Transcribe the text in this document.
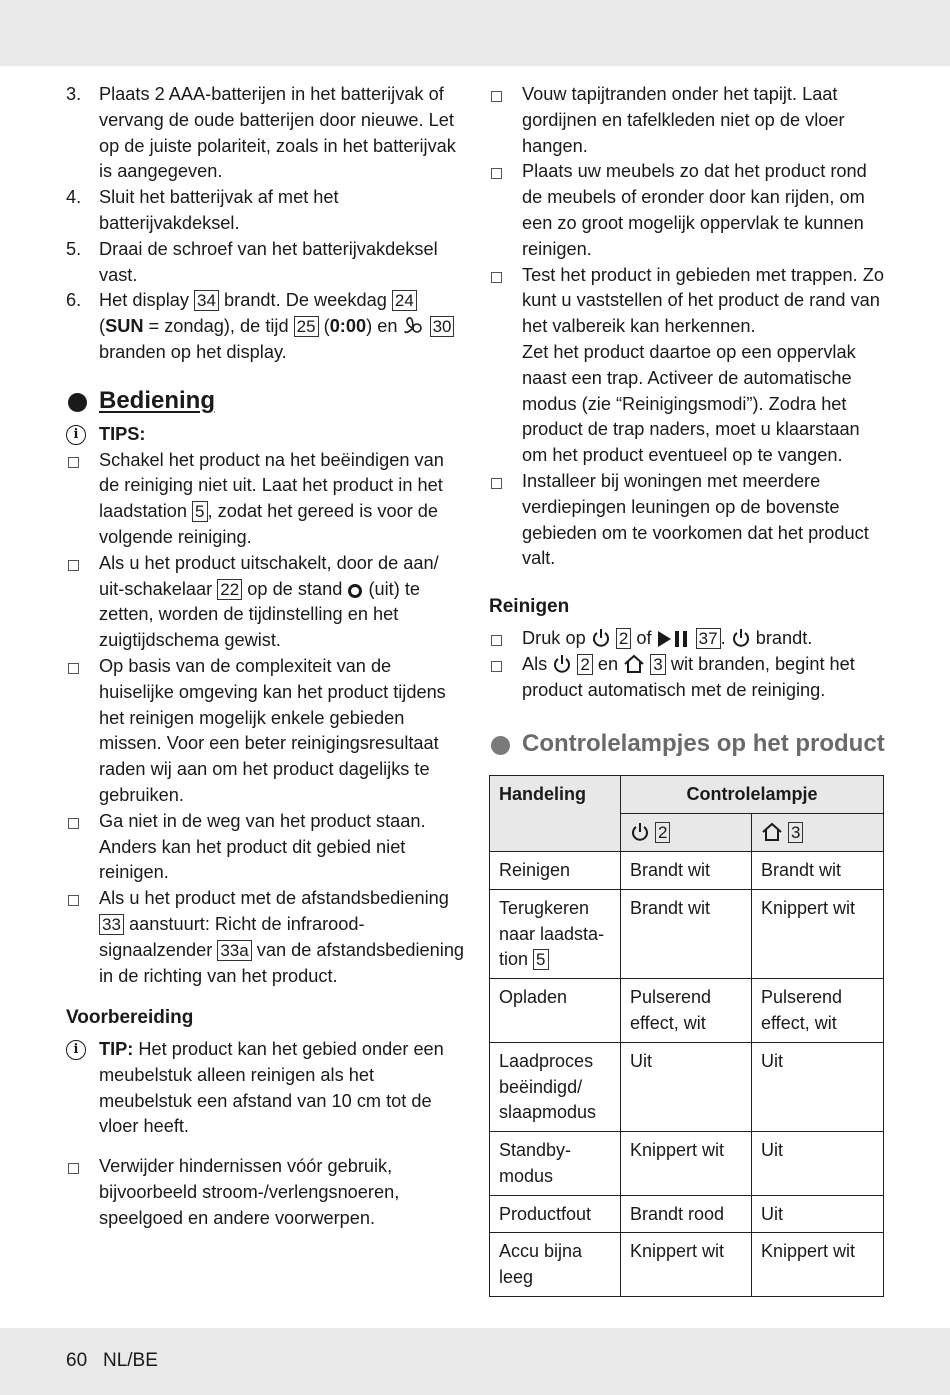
3. Plaats 2 AAA-batterijen in het batterijvak of vervang de oude batterijen door nieuwe. Let op de juiste polariteit, zoals in het batterijvak is aangegeven.
4. Sluit het batterijvak af met het batterijvakdeksel.
5. Draai de schroef van het batterijvakdeksel vast.
6. Het display 34 brandt. De weekdag 24 (SUN = zondag), de tijd 25 (0:00) en 30 branden op het display.
Bediening
i	TIPS:
Schakel het product na het beëindigen van de reiniging niet uit. Laat het product in het laadstation 5 , zodat het gereed is voor de volgende reiniging.
Als u het product uitschakelt, door de aan/ uit-schakelaar 22 op de stand (uit) te zetten, worden de tijdinstelling en het zuigtijdschema gewist.
Op basis van de complexiteit van de huiselijke omgeving kan het product tijdens het reinigen mogelijk enkele gebieden missen. Voor een beter reinigingsresultaat raden wij aan om het product dagelijks te gebruiken.
Ga niet in de weg van het product staan. Anders kan het product dit gebied niet reinigen.
Als u het product met de afstandsbediening 33 aanstuurt: Richt de infrarood-signaalzender 33a van de afstandsbediening in de richting van het product.
Voorbereiding
i	TIP: Het product kan het gebied onder een meubelstuk alleen reinigen als het meubelstuk een afstand van 10 cm tot de vloer heeft.
Verwijder hindernissen vóór gebruik, bijvoorbeeld stroom-/verlengsnoeren, speelgoed en andere voorwerpen.
Vouw tapijtranden onder het tapijt. Laat gordijnen en tafelkleden niet op de vloer hangen.
Plaats uw meubels zo dat het product rond de meubels of eronder door kan rijden, om een zo groot mogelijk oppervlak te kunnen reinigen.
Test het product in gebieden met trappen. Zo kunt u vaststellen of het product de rand van het valbereik kan herkennen.
Zet het product daartoe op een oppervlak naast een trap. Activeer de automatische modus (zie “Reinigingsmodi”). Zodra het product de trap naders, moet u klaarstaan om het product eventueel op te vangen.
Installeer bij woningen met meerdere verdiepingen leuningen op de bovenste gebieden om te voorkomen dat het product valt.
Reinigen
Druk op 2 of	37 .  brandt.
Als 2 en 3 wit branden, begint het product automatisch met de reiniging.
Controlelampjes op het product
Handeling	Controlelampje	
	2	3
Reinigen	Brandt wit	Brandt wit
Terugkeren naar laadsta- tion 5	Brandt wit	Knippert wit
Opladen	Pulserend effect, wit	Pulserend effect, wit
Laadproces beëindigd/ slaapmodus	Uit	Uit
Standby- modus	Knippert wit	Uit
Productfout	Brandt rood	Uit
Accu bijna leeg	Knippert wit	Knippert wit
60 NL/BE
